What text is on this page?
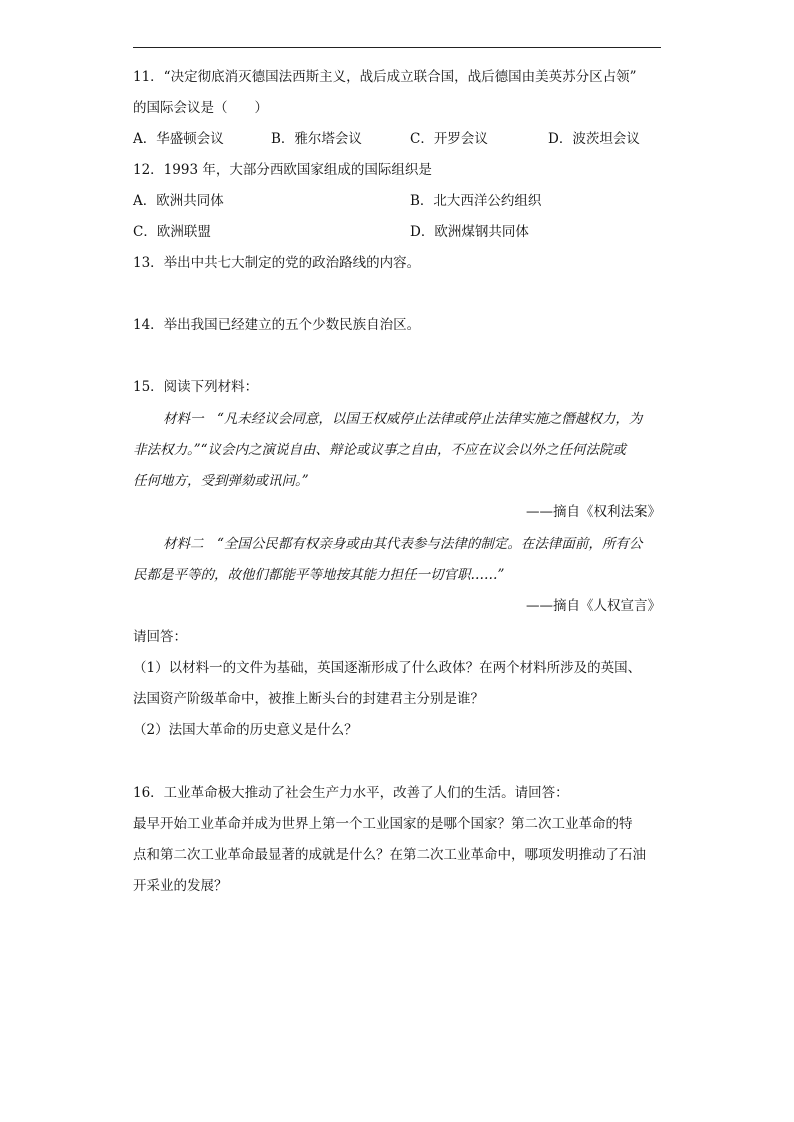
11．“决定彻底消灭德国法西斯主义，战后成立联合国，战后德国由美英苏分区占领”
的国际会议是（　　）
A．华盛顿会议	B．雅尔塔会议	C．开罗会议	D．波茨坦会议
12．1993 年，大部分西欧国家组成的国际组织是
A．欧洲共同体	B．北大西洋公约组织
C．欧洲联盟	D．欧洲煤钢共同体
13．举出中共七大制定的党的政治路线的内容。
14．举出我国已经建立的五个少数民族自治区。
15．阅读下列材料：
材料一　“凡未经议会同意，以国王权威停止法律或停止法律实施之僭越权力，为
非法权力。”“议会内之演说自由、辩论或议事之自由，不应在议会以外之任何法院或
任何地方，受到弹劾或讯问。”
——摘自《权利法案》
材料二　“全国公民都有权亲身或由其代表参与法律的制定。在法律面前，所有公
民都是平等的，故他们都能平等地按其能力担任一切官职……”
——摘自《人权宣言》
请回答：
（1）以材料一的文件为基础，英国逐渐形成了什么政体？在两个材料所涉及的英国、
法国资产阶级革命中，被推上断头台的封建君主分别是谁？
（2）法国大革命的历史意义是什么？
16．工业革命极大推动了社会生产力水平，改善了人们的生活。请回答：
最早开始工业革命并成为世界上第一个工业国家的是哪个国家？第二次工业革命的特
点和第二次工业革命最显著的成就是什么？在第二次工业革命中，哪项发明推动了石油
开采业的发展？
